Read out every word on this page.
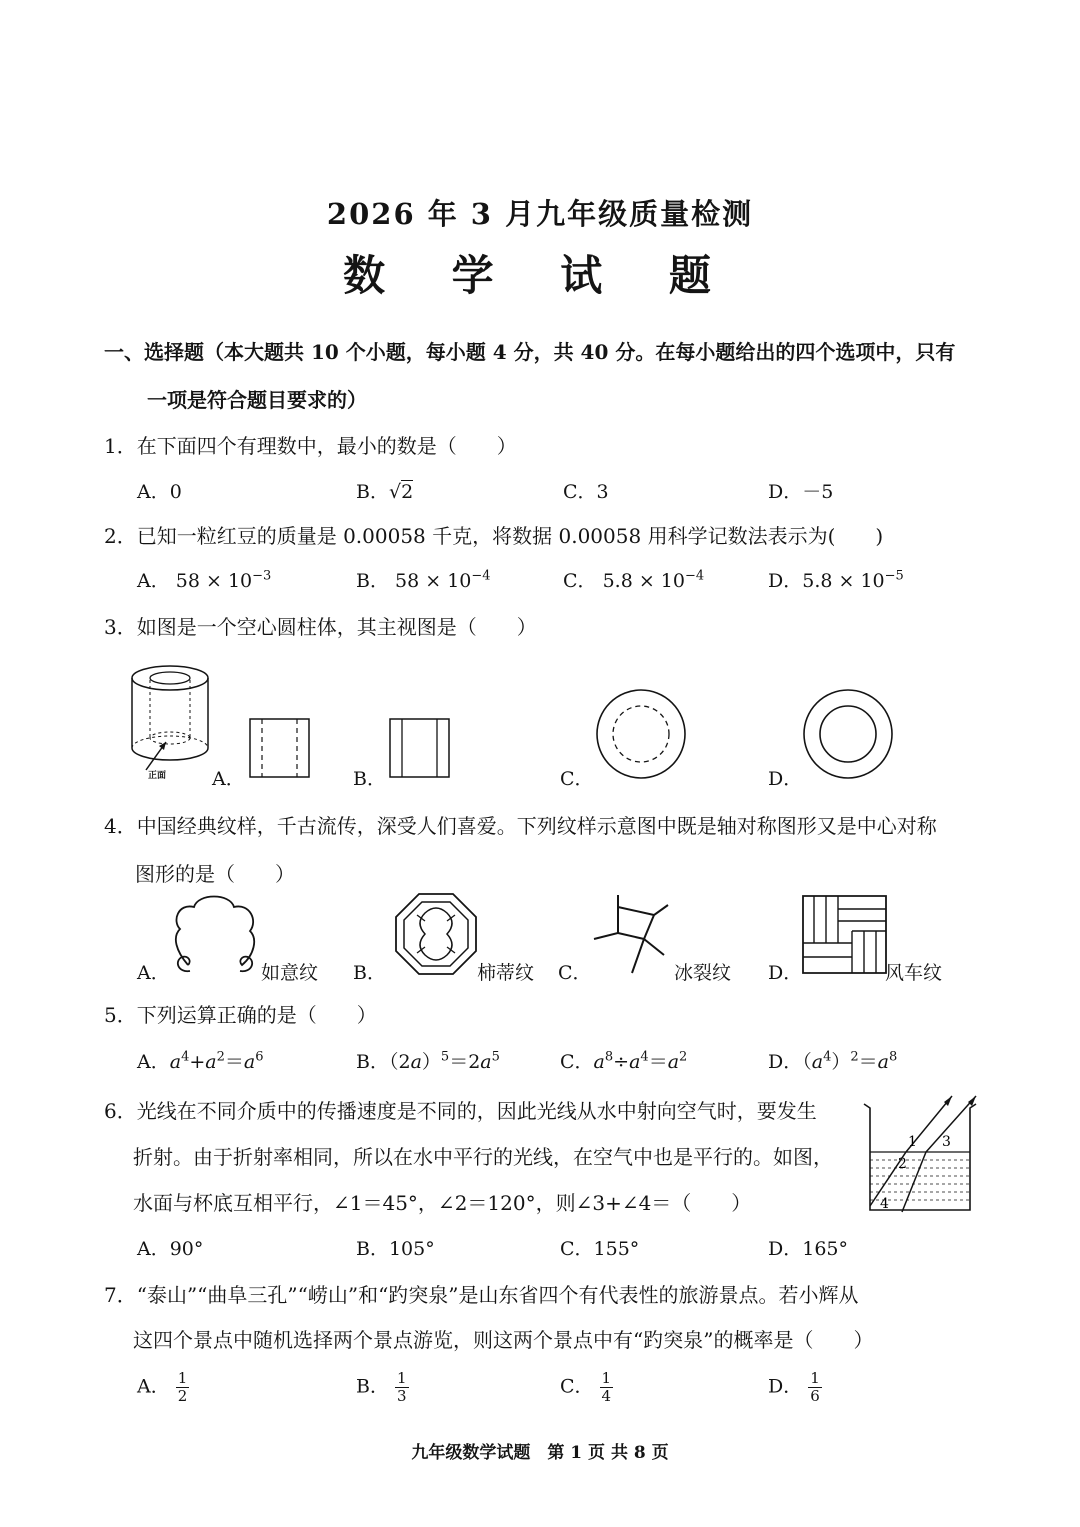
2026 年 3 月九年级质量检测
数 学 试 题
一、选择题（本大题共 10 个小题，每小题 4 分，共 40 分。在每小题给出的四个选项中，只有
一项是符合题目要求的）
1．在下面四个有理数中，最小的数是（　　）
A．0	B．√2	C．3	D．－5
2．已知一粒红豆的质量是 0.00058 千克，将数据 0.00058 用科学记数法表示为(　　)
A． $58 \times 10^{-3}$	B． $58 \times 10^{-4}$	C． $5.8 \times 10^{-4}$	D．$5.8 \times 10^{-5}$
3．如图是一个空心圆柱体，其主视图是（　　）
正面 A．	B．	C．	D．
4．中国经典纹样，千古流传，深受人们喜爱。下列纹样示意图中既是轴对称图形又是中心对称
图形的是（　　）
A．	如意纹 B．	柿蒂纹 C．	冰裂纹 D．	风车纹
5．下列运算正确的是（　　）
A．$a^4+a^2=a^6$	B．$(2a)^5=2a^5$	C．$a^8\div a^4=a^2$	D．$(a^4)^2=a^8$
6．光线在不同介质中的传播速度是不同的，因此光线从水中射向空气时，要发生
折射。由于折射率相同，所以在水中平行的光线，在空气中也是平行的。如图，
水面与杯底互相平行，∠1＝45°，∠2＝120°，则∠3+∠4＝（　　）
1
2
3
4
A．90°	B．105°	C．155°	D．165°
7．“泰山”“曲阜三孔”“崂山”和“趵突泉”是山东省四个有代表性的旅游景点。若小辉从
这四个景点中随机选择两个景点游览，则这两个景点中有“趵突泉”的概率是（　　）
A． $\frac{1}{2}$	B． $\frac{1}{3}$	C． $\frac{1}{4}$	D． $\frac{1}{6}$
九年级数学试题　第 1 页 共 8 页
